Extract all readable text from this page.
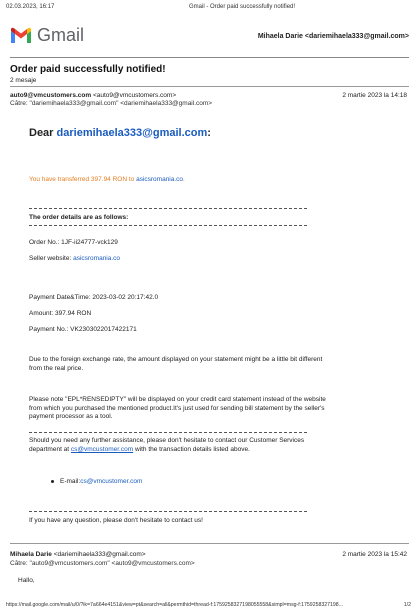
02.03.2023, 16:17	Gmail - Order paid successfully notified!
Gmail	Mihaela Darie <dariemihaela333@gmail.com>
Order paid successfully notified!
2 mesaje
auto9@vmcustomers.com <auto9@vmcustomers.com>
Către: "dariemihaela333@gmail.com" <dariemihaela333@gmail.com>
2 martie 2023 la 14:18
Dear dariemihaela333@gmail.com:
You have transferred 397.94 RON to asicsromania.co.
The order details are as follows:
Order No.: 1JF-ii24777-vck129
Seller website: asicsromania.co
Payment Date&Time: 2023-03-02 20:17:42.0
Amount: 397.94 RON
Payment No.: VK2303022017422171
Due to the foreign exchange rate, the amount displayed on your statement might be a little bit different from the real price.
Please note "EPL*RENSEDIPTY" will be displayed on your credit card statement instead of the website from which you purchased the mentioned product.It's just used for sending bill statement by the seller's payment processor as a tool.
Should you need any further assistance, please don't hesitate to contact our Customer Services department at cs@vmcustomer.com with the transaction details listed above.
E-mail: cs@vmcustomer.com
If you have any question, please don't hesitate to contact us!
Mihaela Darie <dariemihaela333@gmail.com>
Către: "auto9@vmcustomers.com" <auto9@vmcustomers.com>
2 martie 2023 la 15:42
Hallo,
https://mail.google.com/mail/u/0/?ik=7a664e4151&view=pt&search=all&permthid=thread-f:1759258327198055558&simpl=msg-f:1759258327198...	1/2
